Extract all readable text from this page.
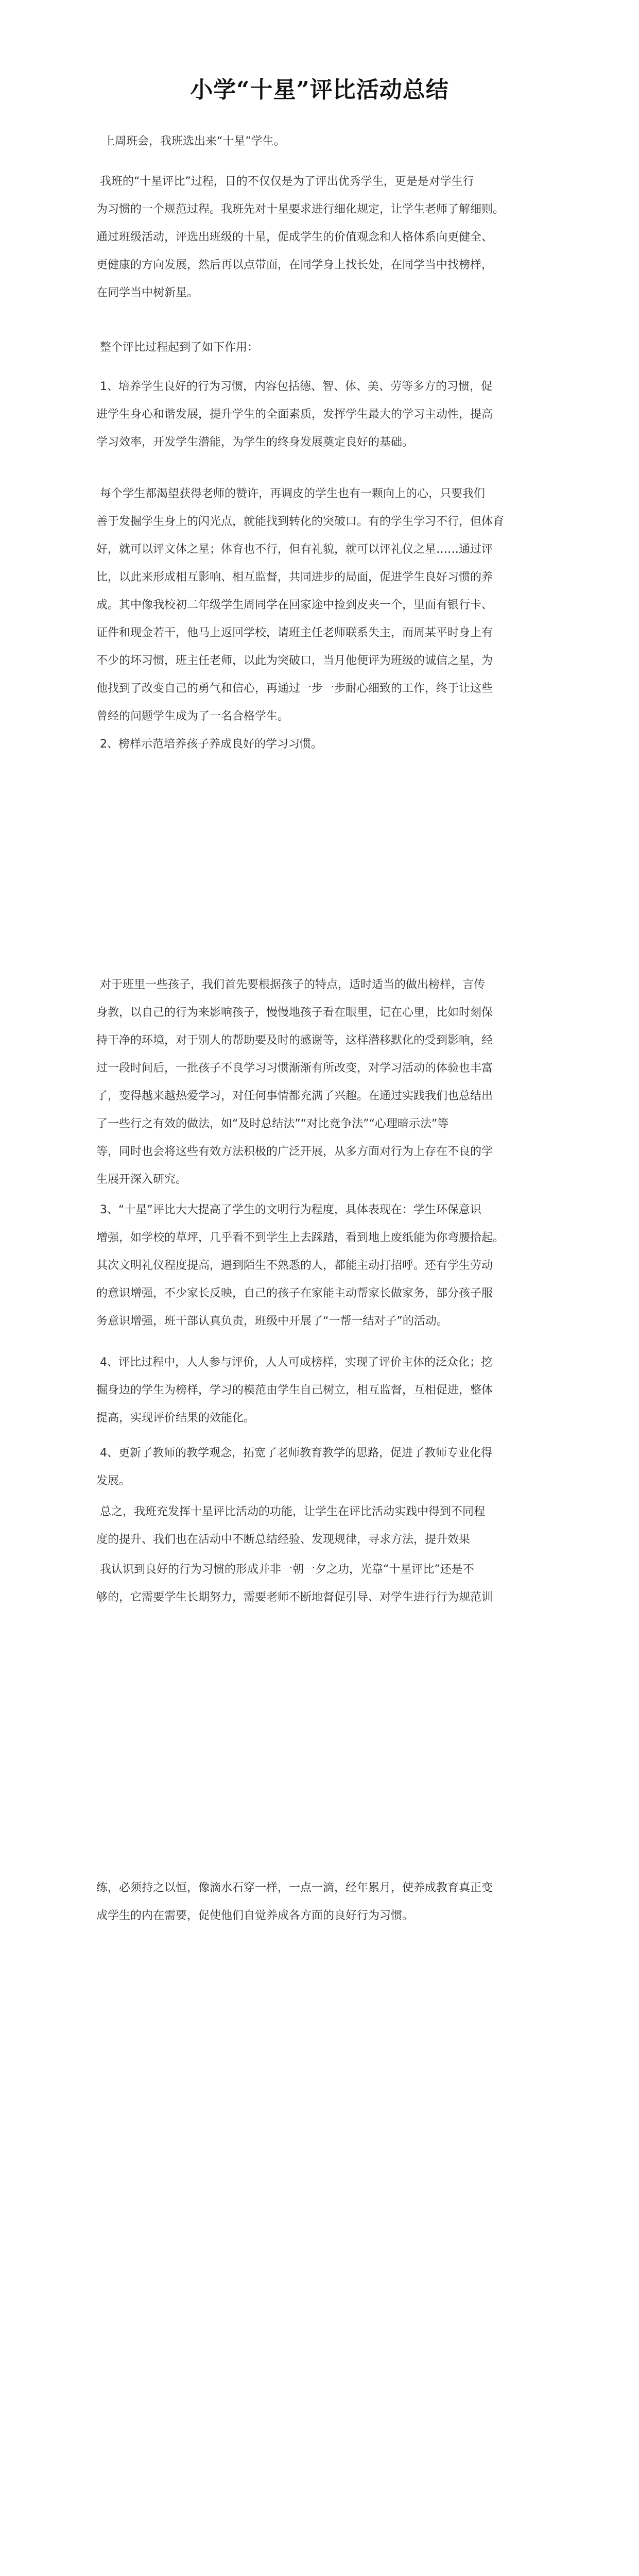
小学“十星”评比活动总结

上周班会，我班选出来“十星”学生。

我班的“十星评比”过程，目的不仅仅是为了评出优秀学生，更是是对学生行
为习惯的一个规范过程。我班先对十星要求进行细化规定，让学生老师了解细则。
通过班级活动，评选出班级的十星，促成学生的价值观念和人格体系向更健全、
更健康的方向发展，然后再以点带面，在同学身上找长处，在同学当中找榜样，
在同学当中树新星。

整个评比过程起到了如下作用：

1、培养学生良好的行为习惯，内容包括德、智、体、美、劳等多方的习惯，促
进学生身心和谐发展，提升学生的全面素质，发挥学生最大的学习主动性，提高
学习效率，开发学生潜能，为学生的终身发展奠定良好的基础。

每个学生都渴望获得老师的赞许，再调皮的学生也有一颗向上的心，只要我们
善于发掘学生身上的闪光点，就能找到转化的突破口。有的学生学习不行，但体育
好，就可以评文体之星；体育也不行，但有礼貌，就可以评礼仪之星……通过评
比，以此来形成相互影响、相互监督，共同进步的局面，促进学生良好习惯的养
成。其中像我校初二年级学生周同学在回家途中捡到皮夹一个，里面有银行卡、
证件和现金若干，他马上返回学校，请班主任老师联系失主，而周某平时身上有
不少的坏习惯，班主任老师，以此为突破口，当月他便评为班级的诚信之星，为
他找到了改变自己的勇气和信心，再通过一步一步耐心细致的工作，终于让这些
曾经的问题学生成为了一名合格学生。

2、榜样示范培养孩子养成良好的学习习惯。

对于班里一些孩子，我们首先要根据孩子的特点，适时适当的做出榜样，言传
身教，以自己的行为来影响孩子，慢慢地孩子看在眼里，记在心里，比如时刻保
持干净的环境，对于别人的帮助要及时的感谢等，这样潜移默化的受到影响，经
过一段时间后，一批孩子不良学习习惯渐渐有所改变，对学习活动的体验也丰富
了，变得越来越热爱学习，对任何事情都充满了兴趣。在通过实践我们也总结出
了一些行之有效的做法，如“及时总结法”“对比竞争法”“心理暗示法”等
等，同时也会将这些有效方法积极的广泛开展，从多方面对行为上存在不良的学
生展开深入研究。

3、“十星”评比大大提高了学生的文明行为程度，具体表现在：学生环保意识
增强，如学校的草坪，几乎看不到学生上去踩踏，看到地上废纸能为你弯腰拾起。
其次文明礼仪程度提高，遇到陌生不熟悉的人，都能主动打招呼。还有学生劳动
的意识增强，不少家长反映，自己的孩子在家能主动帮家长做家务，部分孩子服
务意识增强，班干部认真负责，班级中开展了“一帮一结对子”的活动。

4、评比过程中，人人参与评价，人人可成榜样，实现了评价主体的泛众化；挖
掘身边的学生为榜样，学习的模范由学生自己树立，相互监督，互相促进，整体
提高，实现评价结果的效能化。

4、更新了教师的教学观念，拓宽了老师教育教学的思路，促进了教师专业化得
发展。

总之，我班充发挥十星评比活动的功能，让学生在评比活动实践中得到不同程
度的提升、我们也在活动中不断总结经验、发现规律，寻求方法，提升效果

我认识到良好的行为习惯的形成并非一朝一夕之功，光靠“十星评比”还是不
够的，它需要学生长期努力，需要老师不断地督促引导、对学生进行行为规范训

练，必须持之以恒，像滴水石穿一样，一点一滴，经年累月，使养成教育真正变
成学生的内在需要，促使他们自觉养成各方面的良好行为习惯。
